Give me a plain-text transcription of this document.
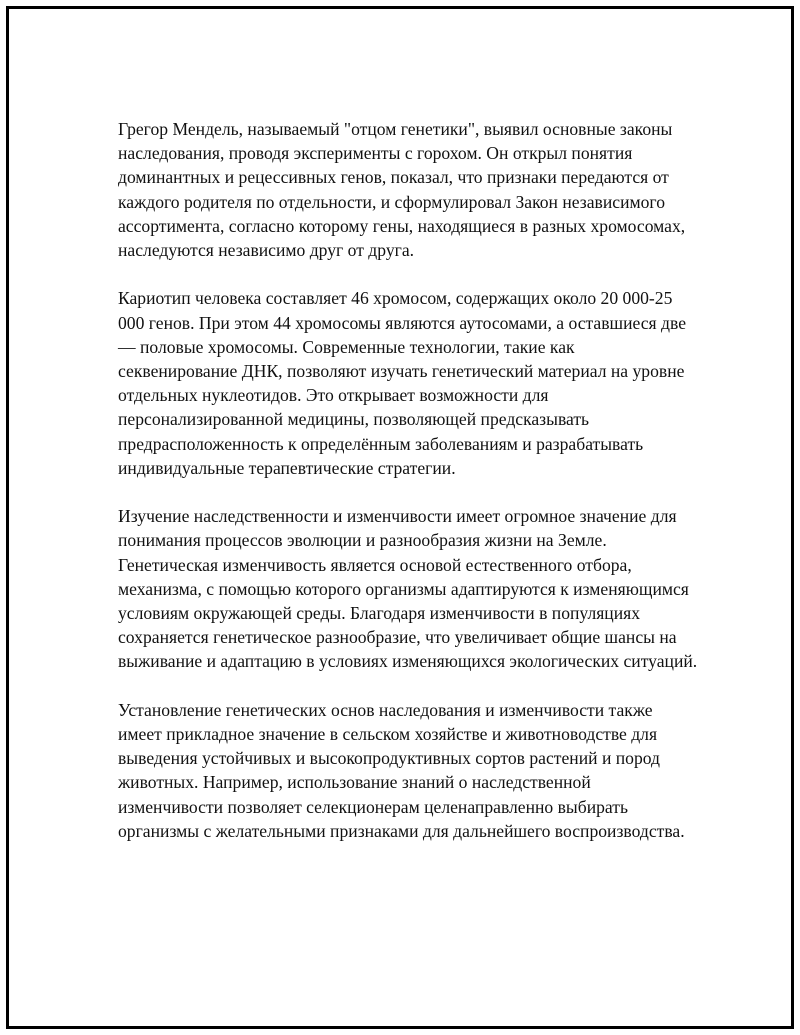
Грегор Мендель, называемый "отцом генетики", выявил основные законы наследования, проводя эксперименты с горохом. Он открыл понятия доминантных и рецессивных генов, показал, что признаки передаются от каждого родителя по отдельности, и сформулировал Закон независимого ассортимента, согласно которому гены, находящиеся в разных хромосомах, наследуются независимо друг от друга.

Кариотип человека составляет 46 хромосом, содержащих около 20 000-25 000 генов. При этом 44 хромосомы являются аутосомами, а оставшиеся две — половые хромосомы. Современные технологии, такие как секвенирование ДНК, позволяют изучать генетический материал на уровне отдельных нуклеотидов. Это открывает возможности для персонализированной медицины, позволяющей предсказывать предрасположенность к определённым заболеваниям и разрабатывать индивидуальные терапевтические стратегии.

Изучение наследственности и изменчивости имеет огромное значение для понимания процессов эволюции и разнообразия жизни на Земле. Генетическая изменчивость является основой естественного отбора, механизма, с помощью которого организмы адаптируются к изменяющимся условиям окружающей среды. Благодаря изменчивости в популяциях сохраняется генетическое разнообразие, что увеличивает общие шансы на выживание и адаптацию в условиях изменяющихся экологических ситуаций.

Установление генетических основ наследования и изменчивости также имеет прикладное значение в сельском хозяйстве и животноводстве для выведения устойчивых и высокопродуктивных сортов растений и пород животных. Например, использование знаний о наследственной изменчивости позволяет селекционерам целенаправленно выбирать организмы с желательными признаками для дальнейшего воспроизводства.
